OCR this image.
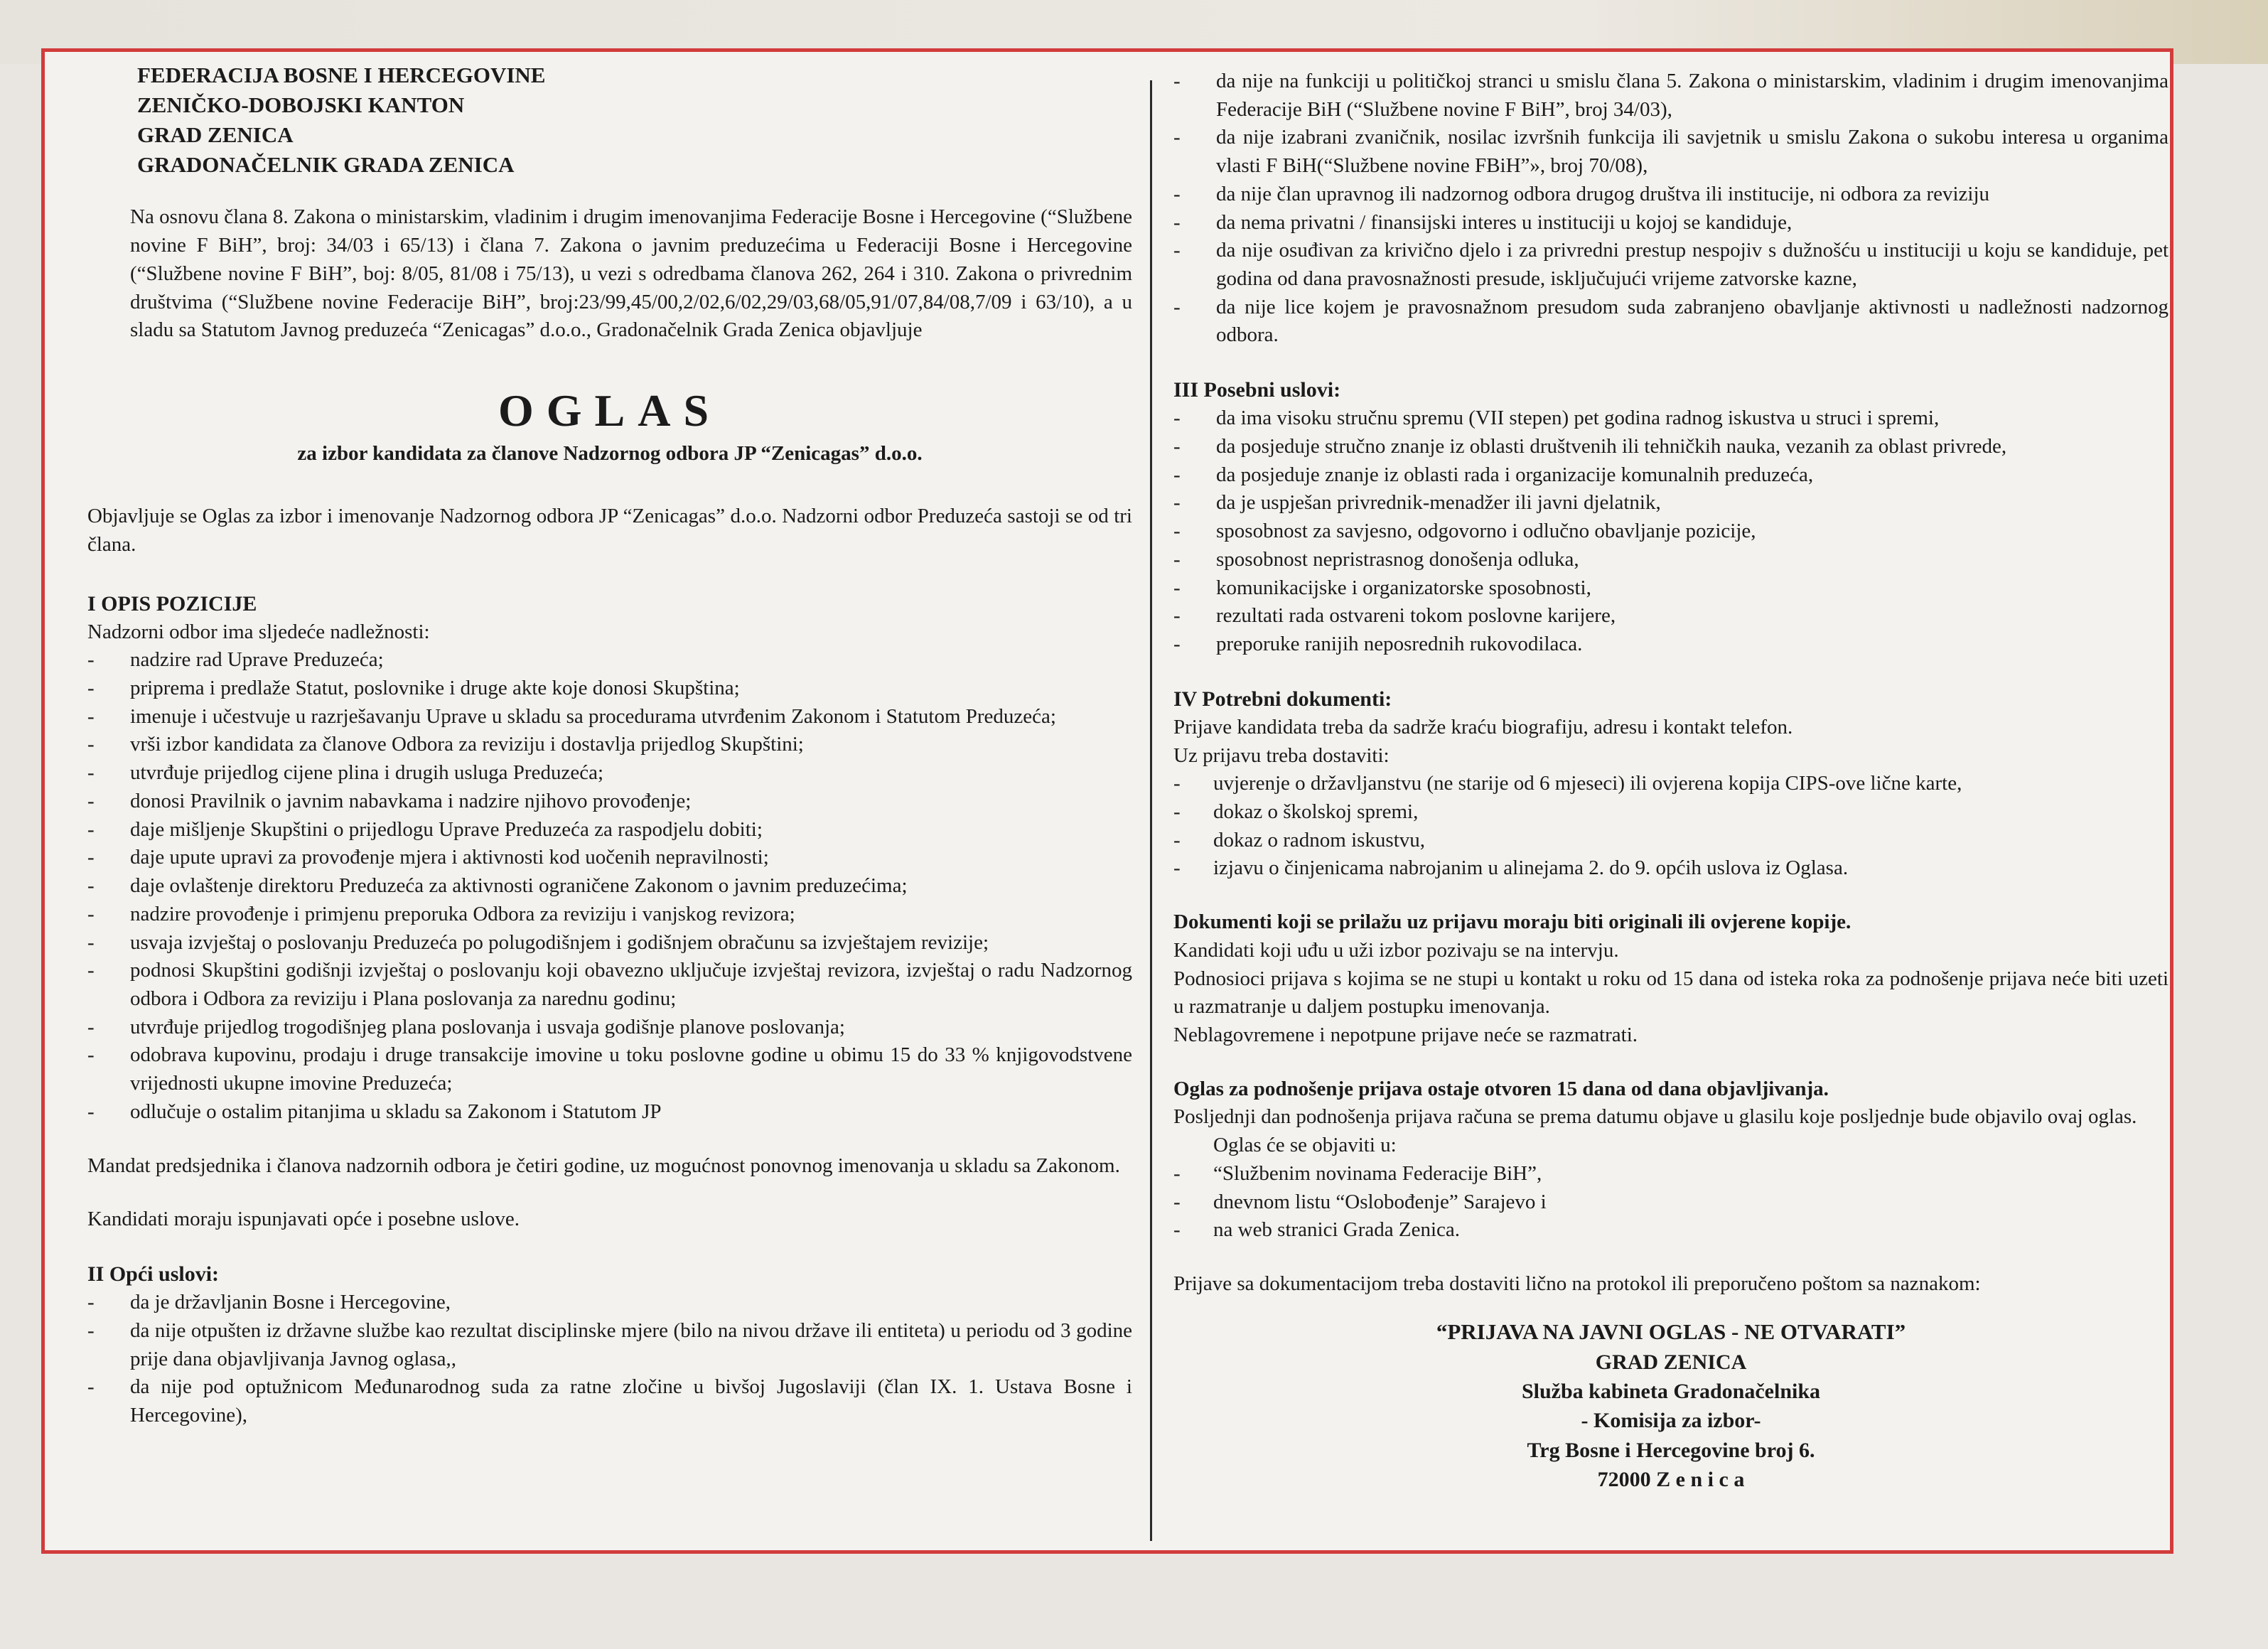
FEDERACIJA BOSNE I HERCEGOVINE
ZENIČKO-DOBOJSKI KANTON
GRAD ZENICA
GRADONAČELNIK GRADA ZENICA

Na osnovu člana 8. Zakona o ministarskim, vladinim i drugim imenovanjima Federacije Bosne i Hercegovine (“Službene novine F BiH”, broj: 34/03 i 65/13) i člana 7. Zakona o javnim preduzećima u Federaciji Bosne i Hercegovine (“Službene novine F BiH”, boj: 8/05, 81/08 i 75/13), u vezi s odredbama članova 262, 264 i 310. Zakona o privrednim društvima (“Službene novine Federacije BiH”, broj:23/99,45/00,2/02,6/02,29/03,68/05,91/07,84/08,7/09 i 63/10), a u sladu sa Statutom Javnog preduzeća “Zenicagas” d.o.o., Gradonačelnik Grada Zenica objavljuje

OGLAS
za izbor kandidata za članove Nadzornog odbora JP “Zenicagas” d.o.o.

Objavljuje se Oglas za izbor i imenovanje Nadzornog odbora JP “Zenicagas” d.o.o. Nadzorni odbor Preduzeća sastoji se od tri člana.

I OPIS POZICIJE

Nadzorni odbor ima sljedeće nadležnosti:

- nadzire rad Uprave Preduzeća;
- priprema i predlaže Statut, poslovnike i druge akte koje donosi Skupština;
- imenuje i učestvuje u razrješavanju Uprave u skladu sa procedurama utvrđenim Zakonom i Statutom Preduzeća;
- vrši izbor kandidata za članove Odbora za reviziju i dostavlja prijedlog Skupštini;
- utvrđuje prijedlog cijene plina i drugih usluga Preduzeća;
- donosi Pravilnik o javnim nabavkama i nadzire njihovo provođenje;
- daje mišljenje Skupštini o prijedlogu Uprave Preduzeća za raspodjelu dobiti;
- daje upute upravi za provođenje mjera i aktivnosti kod uočenih nepravilnosti;
- daje ovlaštenje direktoru Preduzeća za aktivnosti ograničene Zakonom o javnim preduzećima;
- nadzire provođenje i primjenu preporuka Odbora za reviziju i vanjskog revizora;
- usvaja izvještaj o poslovanju Preduzeća po polugodišnjem i godišnjem obračunu sa izvještajem revizije;
- podnosi Skupštini godišnji izvještaj o poslovanju koji obavezno uključuje izvještaj revizora, izvještaj o radu Nadzornog odbora i Odbora za reviziju i Plana poslovanja za narednu godinu;
- utvrđuje prijedlog trogodišnjeg plana poslovanja i usvaja godišnje planove poslovanja;
- odobrava kupovinu, prodaju i druge transakcije imovine u toku poslovne godine u obimu 15 do 33 % knjigovodstvene vrijednosti ukupne imovine Preduzeća;
- odlučuje o ostalim pitanjima u skladu sa Zakonom i Statutom JP

Mandat predsjednika i članova nadzornih odbora je četiri godine, uz mogućnost ponovnog imenovanja u skladu sa Zakonom.

Kandidati moraju ispunjavati opće i posebne uslove.

II Opći uslovi:
- da je državljanin Bosne i Hercegovine,
- da nije otpušten iz državne službe kao rezultat disciplinske mjere (bilo na nivou države ili entiteta) u periodu od 3 godine prije dana objavljivanja Javnog oglasa,,
- da nije pod optužnicom Međunarodnog suda za ratne zločine u bivšoj Jugoslaviji (član IX. 1. Ustava Bosne i Hercegovine),
- da nije na funkciji u političkoj stranci u smislu člana 5. Zakona o ministarskim, vladinim i drugim imenovanjima Federacije BiH (“Službene novine F BiH”, broj 34/03),
- da nije izabrani zvaničnik, nosilac izvršnih funkcija ili savjetnik u smislu Zakona o sukobu interesa u organima vlasti F BiH(“Službene novine FBiH”», broj 70/08),
- da nije član upravnog ili nadzornog odbora drugog društva ili institucije, ni odbora za reviziju
- da nema privatni / finansijski interes u instituciji u kojoj se kandiduje,
- da nije osuđivan za krivično djelo i za privredni prestup nespojiv s dužnošću u instituciji u koju se kandiduje, pet godina od dana pravosnažnosti presude, isključujući vrijeme zatvorske kazne,
- da nije lice kojem je pravosnažnom presudom suda zabranjeno obavljanje aktivnosti u nadležnosti nadzornog odbora.
III Posebni uslovi:
- da ima visoku stručnu spremu (VII stepen) pet godina radnog iskustva u struci i spremi,
- da posjeduje stručno znanje iz oblasti društvenih ili tehničkih nauka, vezanih za oblast privrede,
- da posjeduje znanje iz oblasti rada i organizacije komunalnih preduzeća,
- da je uspješan privrednik-menadžer ili javni djelatnik,
- sposobnost za savjesno, odgovorno i odlučno obavljanje pozicije,
- sposobnost nepristrasnog donošenja odluka,
- komunikacijske i organizatorske sposobnosti,
- rezultati rada ostvareni tokom poslovne karijere,
- preporuke ranijih neposrednih rukovodilaca.
IV Potrebni dokumenti:

Prijave kandidata treba da sadrže kraću biografiju, adresu i kontakt telefon.

Uz prijavu treba dostaviti:

- uvjerenje o državljanstvu (ne starije od 6 mjeseci) ili ovjerena kopija CIPS-ove lične karte,
- dokaz o školskoj spremi,
- dokaz o radnom iskustvu,
- izjavu o činjenicama nabrojanim u alinejama 2. do 9. općih uslova iz Oglasa.

Dokumenti koji se prilažu uz prijavu moraju biti originali ili ovjerene kopije.

Kandidati koji uđu u uži izbor pozivaju se na intervju.

Podnosioci prijava s kojima se ne stupi u kontakt u roku od 15 dana od isteka roka za podnošenje prijava neće biti uzeti u razmatranje u daljem postupku imenovanja.

Neblagovremene i nepotpune prijave neće se razmatrati.

Oglas za podnošenje prijava ostaje otvoren 15 dana od dana objavljivanja.

Posljednji dan podnošenja prijava računa se prema datumu objave u glasilu koje posljednje bude objavilo ovaj oglas.

Oglas će se objaviti u:

- “Službenim novinama Federacije BiH”,
- dnevnom listu “Oslobođenje” Sarajevo i
- na web stranici Grada Zenica.

Prijave sa dokumentacijom treba dostaviti lično na protokol ili preporučeno poštom sa naznakom:

“PRIJAVA NA JAVNI OGLAS - NE OTVARATI”
GRAD ZENICA
Služba kabineta Gradonačelnika
- Komisija za izbor-
Trg Bosne i Hercegovine broj 6.
72000 Z e n i c a
